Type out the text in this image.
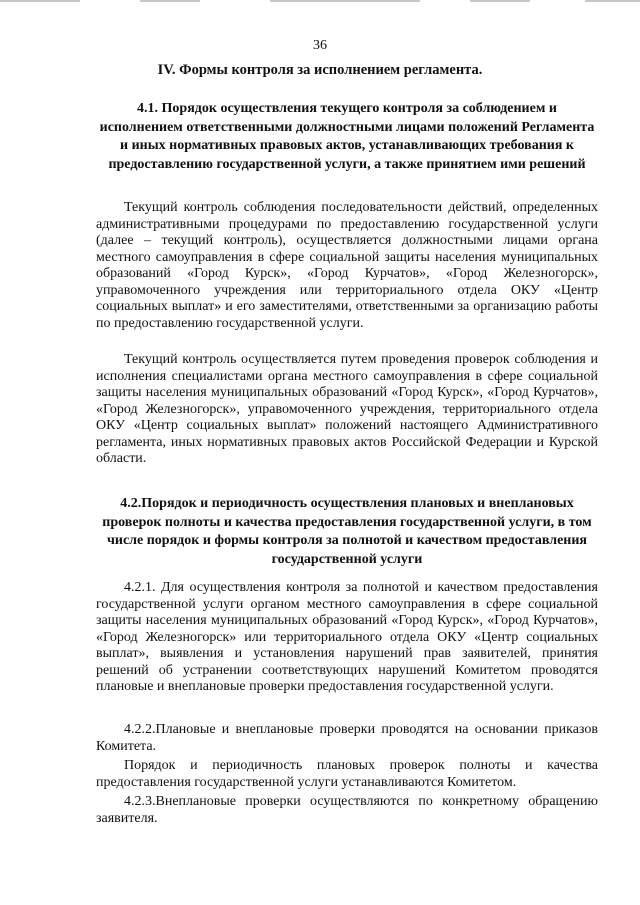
36
IV. Формы контроля за исполнением регламента.
4.1. Порядок осуществления текущего контроля за соблюдением и исполнением ответственными должностными лицами положений Регламента и иных нормативных правовых актов, устанавливающих требования к предоставлению государственной услуги, а также принятием ими решений

Текущий контроль соблюдения последовательности действий, определенных административными процедурами по предоставлению государственной услуги (далее – текущий контроль), осуществляется должностными лицами органа местного самоуправления в сфере социальной защиты населения муниципальных образований «Город Курск», «Город Курчатов», «Город Железногорск», управомоченного учреждения или территориального отдела ОКУ «Центр социальных выплат» и его заместителями, ответственными за организацию работы по предоставлению государственной услуги.

Текущий контроль осуществляется путем проведения проверок соблюдения и исполнения специалистами органа местного самоуправления в сфере социальной защиты населения муниципальных образований «Город Курск», «Город Курчатов», «Город Железногорск», управомоченного учреждения, территориального отдела ОКУ «Центр социальных выплат» положений настоящего Административного регламента, иных нормативных правовых актов Российской Федерации и Курской области.

4.2.Порядок и периодичность осуществления плановых и внеплановых проверок полноты и качества предоставления государственной услуги, в том числе порядок и формы контроля за полнотой и качеством предоставления государственной услуги

4.2.1. Для осуществления контроля за полнотой и качеством предоставления государственной услуги органом местного самоуправления в сфере социальной защиты населения муниципальных образований «Город Курск», «Город Курчатов», «Город Железногорск» или территориального отдела ОКУ «Центр социальных выплат», выявления и установления нарушений прав заявителей, принятия решений об устранении соответствующих нарушений Комитетом проводятся плановые и внеплановые проверки предоставления государственной услуги.

4.2.2.Плановые и внеплановые проверки проводятся на основании приказов Комитета.

Порядок и периодичность плановых проверок полноты и качества предоставления государственной услуги устанавливаются Комитетом.

4.2.3.Внеплановые проверки осуществляются по конкретному обращению заявителя.
